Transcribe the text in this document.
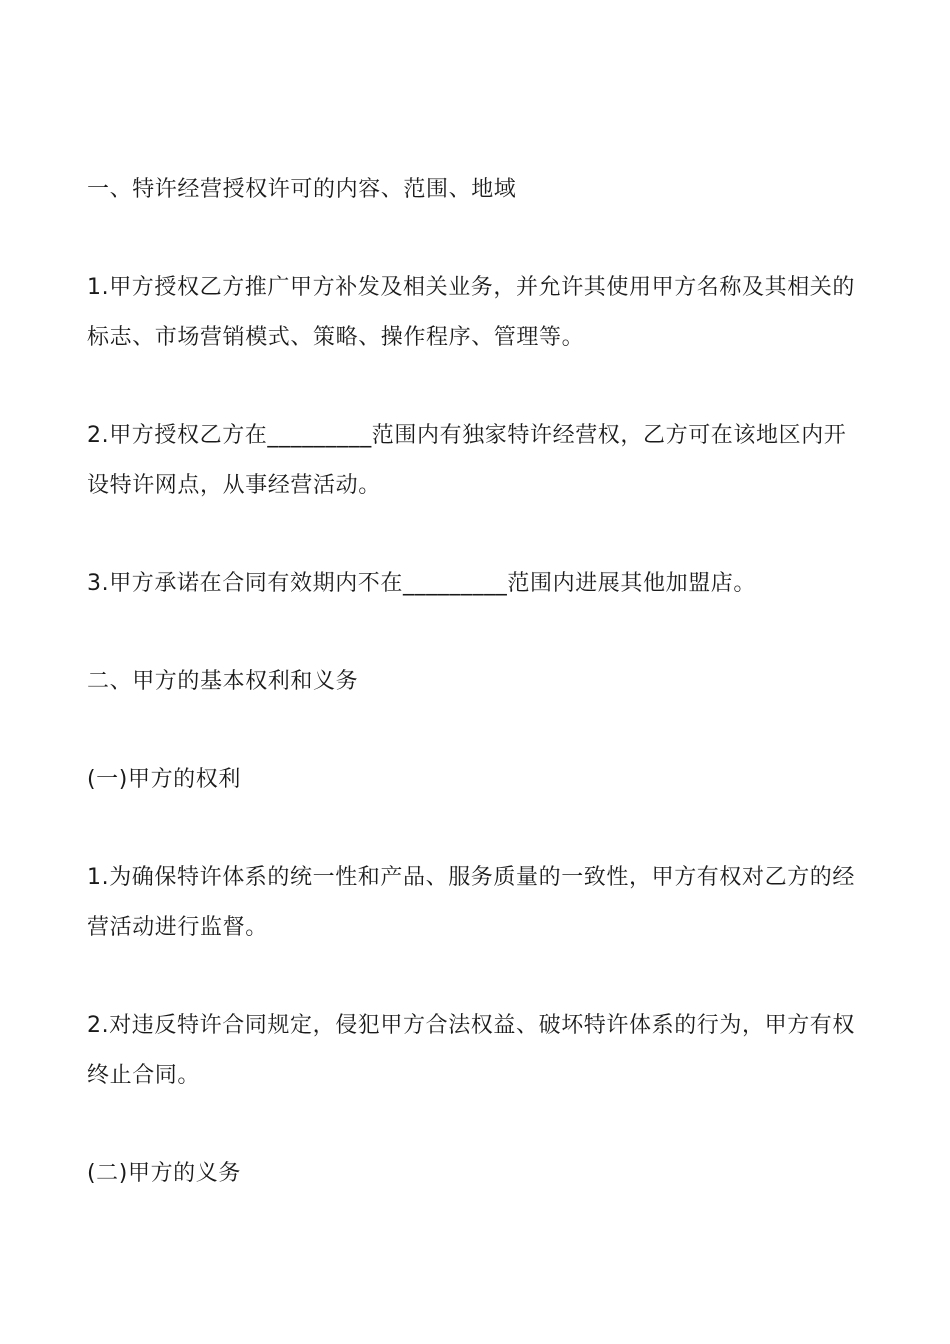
一、特许经营授权许可的内容、范围、地域

1.甲方授权乙方推广甲方补发及相关业务，并允许其使用甲方名称及其相关的标志、市场营销模式、策略、操作程序、管理等。

2.甲方授权乙方在_________范围内有独家特许经营权，乙方可在该地区内开设特许网点，从事经营活动。

3.甲方承诺在合同有效期内不在_________范围内进展其他加盟店。

二、甲方的基本权利和义务

(一)甲方的权利

1.为确保特许体系的统一性和产品、服务质量的一致性，甲方有权对乙方的经营活动进行监督。

2.对违反特许合同规定，侵犯甲方合法权益、破坏特许体系的行为，甲方有权终止合同。

(二)甲方的义务
